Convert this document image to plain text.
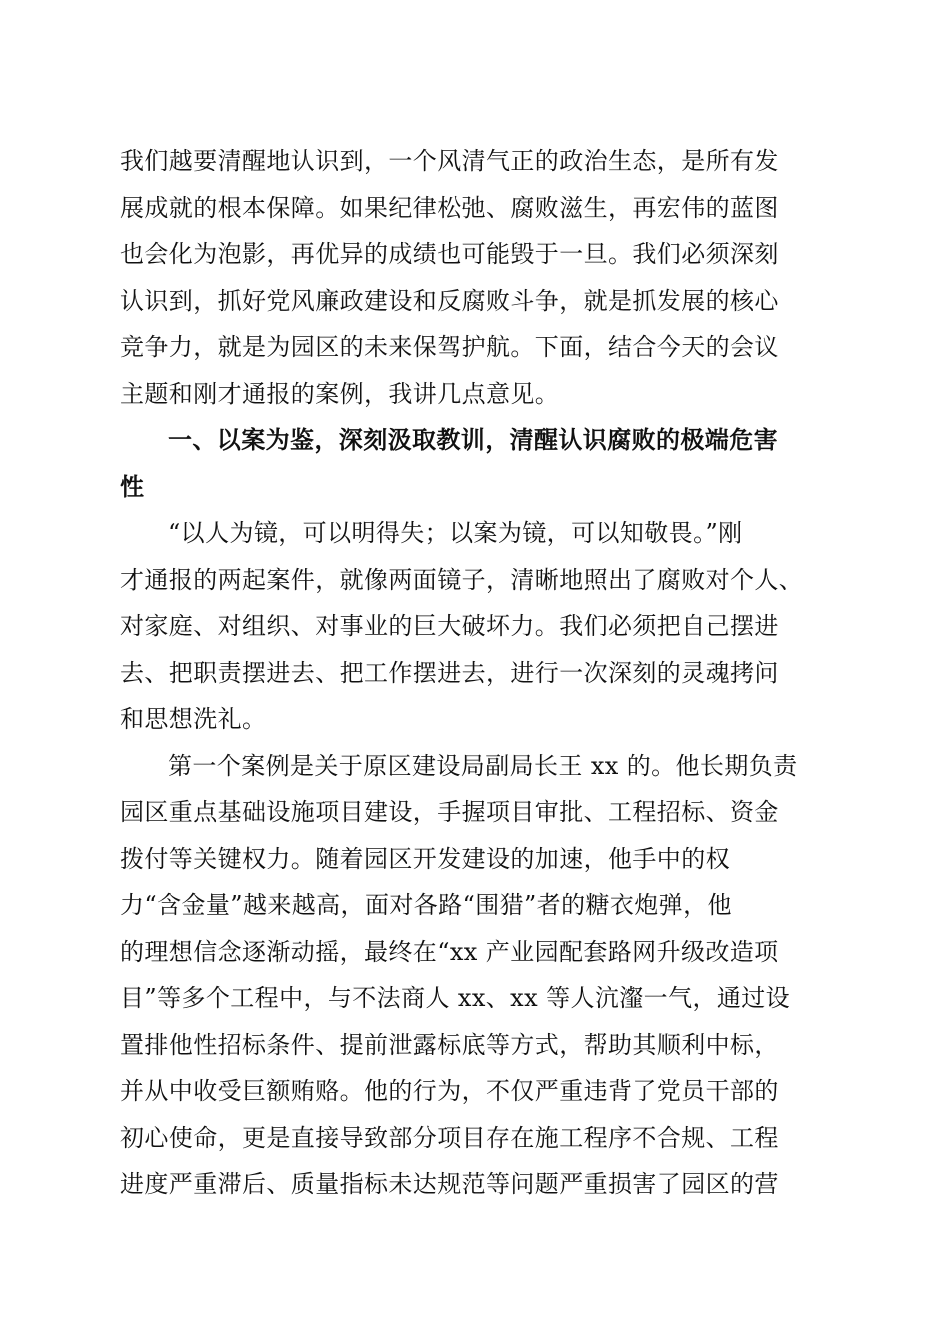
我们越要清醒地认识到，一个风清气正的政治生态，是所有发
展成就的根本保障。如果纪律松弛、腐败滋生，再宏伟的蓝图
也会化为泡影，再优异的成绩也可能毁于一旦。我们必须深刻
认识到，抓好党风廉政建设和反腐败斗争，就是抓发展的核心
竞争力，就是为园区的未来保驾护航。下面，结合今天的会议
主题和刚才通报的案例，我讲几点意见。
一、以案为鉴，深刻汲取教训，清醒认识腐败的极端危害
性
“以人为镜，可以明得失；以案为镜，可以知敬畏。”刚
才通报的两起案件，就像两面镜子，清晰地照出了腐败对个人、
对家庭、对组织、对事业的巨大破坏力。我们必须把自己摆进
去、把职责摆进去、把工作摆进去，进行一次深刻的灵魂拷问
和思想洗礼。
第一个案例是关于原区建设局副局长王 xx 的。他长期负责
园区重点基础设施项目建设，手握项目审批、工程招标、资金
拨付等关键权力。随着园区开发建设的加速，他手中的权
力“含金量”越来越高，面对各路“围猎”者的糖衣炮弹，他
的理想信念逐渐动摇，最终在“xx 产业园配套路网升级改造项
目”等多个工程中，与不法商人 xx、xx 等人沆瀣一气，通过设
置排他性招标条件、提前泄露标底等方式，帮助其顺利中标，
并从中收受巨额贿赂。他的行为，不仅严重违背了党员干部的
初心使命，更是直接导致部分项目存在施工程序不合规、工程
进度严重滞后、质量指标未达规范等问题严重损害了园区的营
